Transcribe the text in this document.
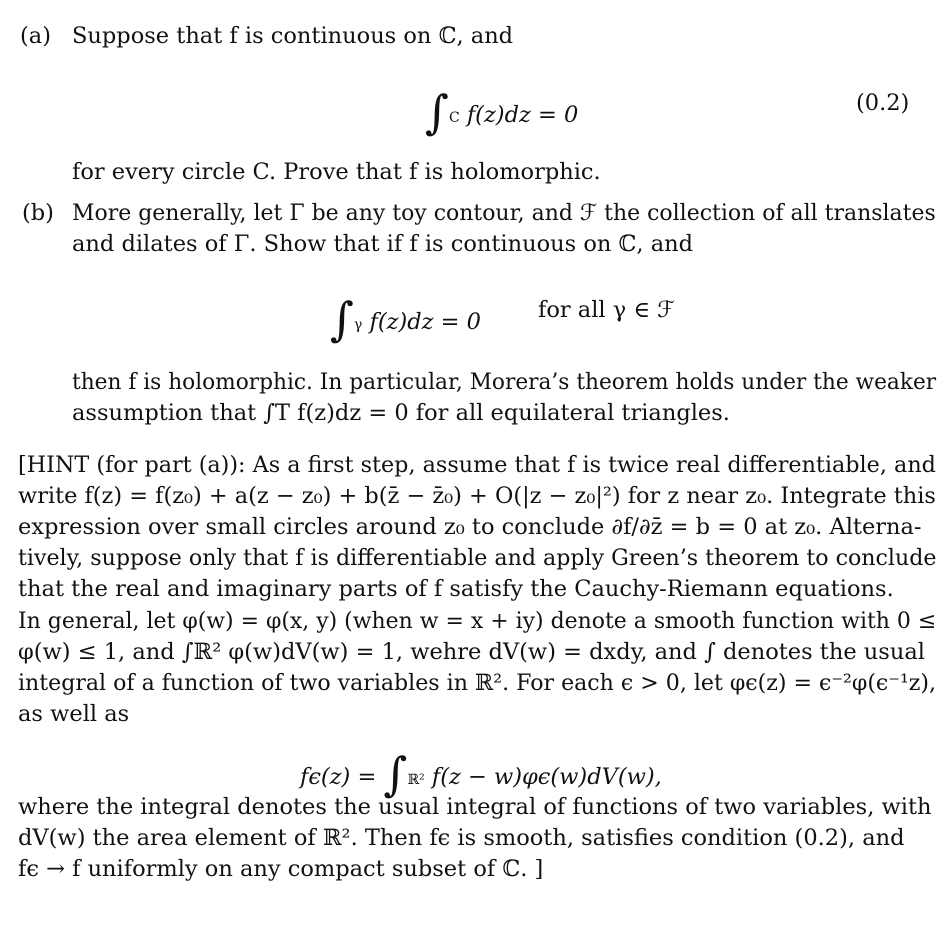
(a) Suppose that f is continuous on ℂ, and
∫C f(z)dz = 0	(0.2)
for every circle C. Prove that f is holomorphic.
(b) More generally, let Γ be any toy contour, and ℱ the collection of all translates
and dilates of Γ. Show that if f is continuous on ℂ, and
∫γ f(z)dz = 0	for all γ ∈ ℱ
then f is holomorphic. In particular, Morera’s theorem holds under the weaker
assumption that ∫T f(z)dz = 0 for all equilateral triangles.
[HINT (for part (a)): As a first step, assume that f is twice real differentiable, and
write f(z) = f(z₀) + a(z − z₀) + b(z̄ − z̄₀) + O(|z − z₀|²) for z near z₀. Integrate this
expression over small circles around z₀ to conclude ∂f/∂z̄ = b = 0 at z₀. Alterna-
tively, suppose only that f is differentiable and apply Green’s theorem to conclude
that the real and imaginary parts of f satisfy the Cauchy-Riemann equations.
In general, let φ(w) = φ(x, y) (when w = x + iy) denote a smooth function with 0 ≤
φ(w) ≤ 1, and ∫ℝ² φ(w)dV(w) = 1, wehre dV(w) = dxdy, and ∫ denotes the usual
integral of a function of two variables in ℝ². For each ϵ > 0, let φϵ(z) = ϵ⁻²φ(ϵ⁻¹z),
as well as
fϵ(z) = ∫ℝ² f(z − w)φϵ(w)dV(w),
where the integral denotes the usual integral of functions of two variables, with
dV(w) the area element of ℝ². Then fϵ is smooth, satisfies condition (0.2), and
fϵ → f uniformly on any compact subset of ℂ. ]
